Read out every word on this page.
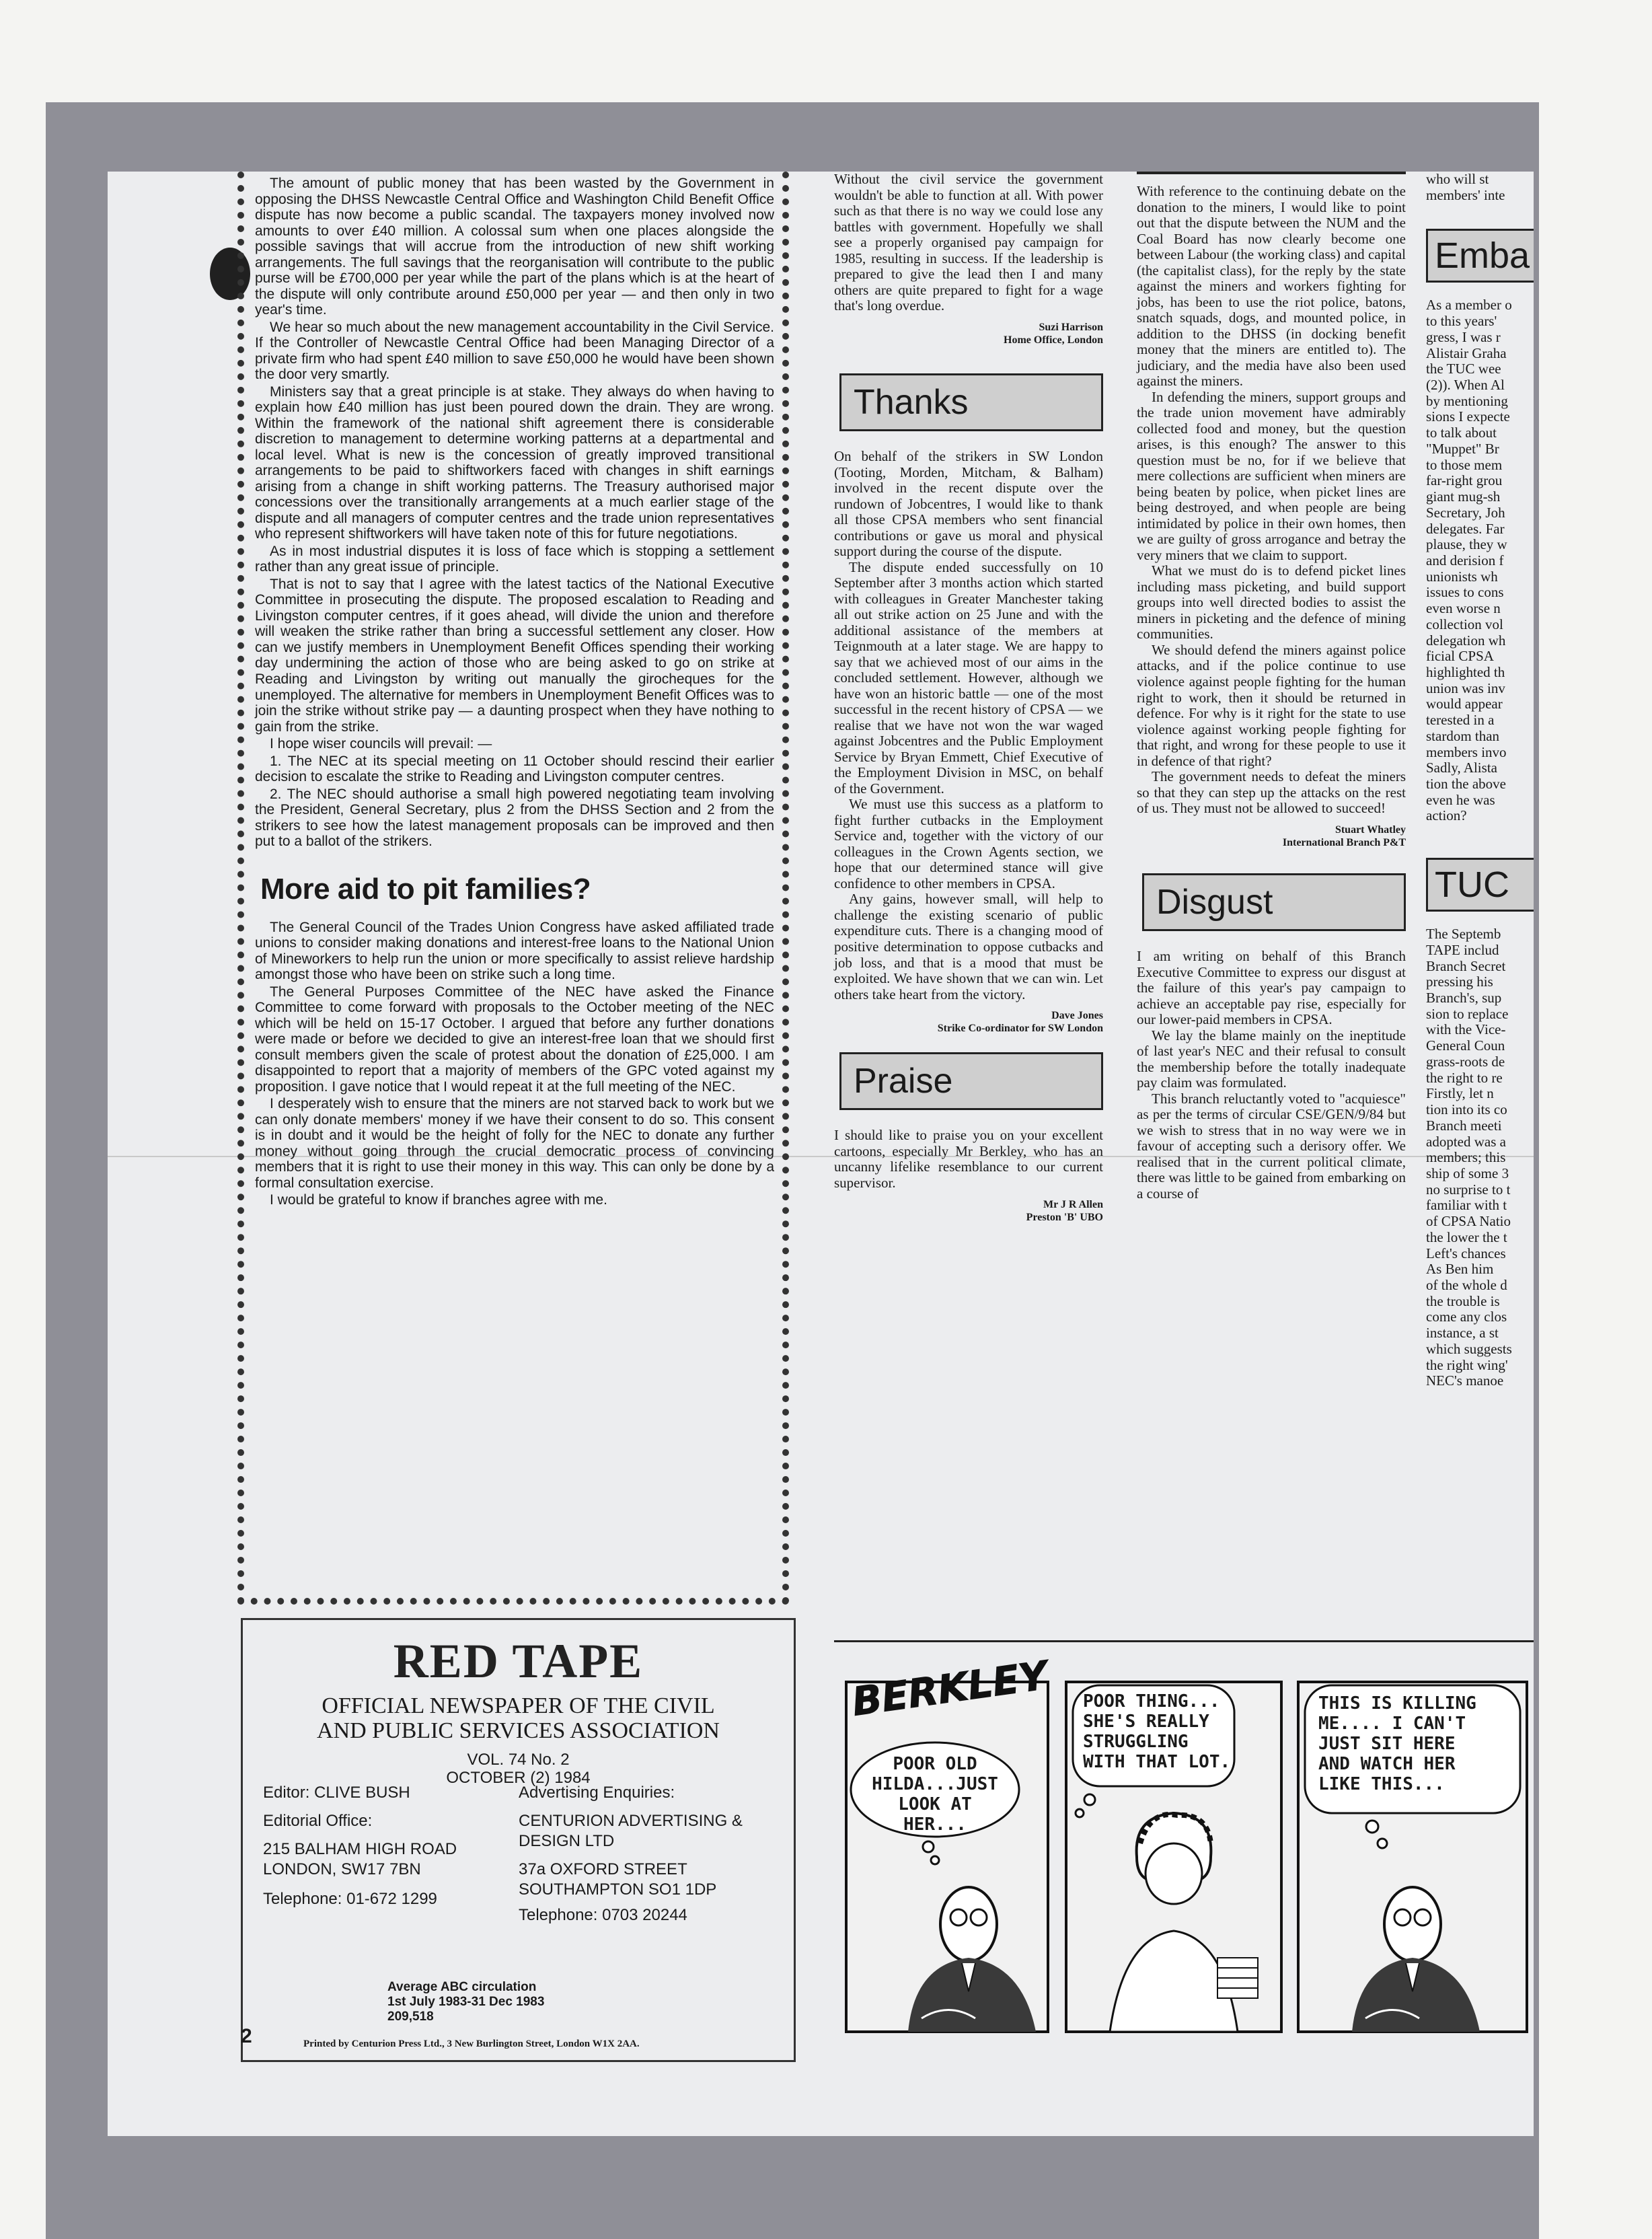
The amount of public money that has been wasted by the Government in opposing the DHSS Newcastle Central Office and Washington Child Benefit Office dispute has now become a public scandal. The taxpayers money involved now amounts to over £40 million. A colossal sum when one places alongside the possible savings that will accrue from the introduction of new shift working arrangements. The full savings that the reorganisation will contribute to the public purse will be £700,000 per year while the part of the plans which is at the heart of the dispute will only contribute around £50,000 per year — and then only in two year's time.

We hear so much about the new management accountability in the Civil Service. If the Controller of Newcastle Central Office had been Managing Director of a private firm who had spent £40 million to save £50,000 he would have been shown the door very smartly.

Ministers say that a great principle is at stake. They always do when having to explain how £40 million has just been poured down the drain. They are wrong. Within the framework of the national shift agreement there is considerable discretion to management to determine working patterns at a departmental and local level. What is new is the concession of greatly improved transitional arrangements to be paid to shiftworkers faced with changes in shift earnings arising from a change in shift working patterns. The Treasury authorised major concessions over the transitionally arrangements at a much earlier stage of the dispute and all managers of computer centres and the trade union representatives who represent shiftworkers will have taken note of this for future negotiations.

As in most industrial disputes it is loss of face which is stopping a settlement rather than any great issue of principle.

That is not to say that I agree with the latest tactics of the National Executive Committee in prosecuting the dispute. The proposed escalation to Reading and Livingston computer centres, if it goes ahead, will divide the union and therefore will weaken the strike rather than bring a successful settlement any closer. How can we justify members in Unemployment Benefit Offices spending their working day undermining the action of those who are being asked to go on strike at Reading and Livingston by writing out manually the girocheques for the unemployed. The alternative for members in Unemployment Benefit Offices was to join the strike without strike pay — a daunting prospect when they have nothing to gain from the strike.

I hope wiser councils will prevail: —

1. The NEC at its special meeting on 11 October should rescind their earlier decision to escalate the strike to Reading and Livingston computer centres.

2. The NEC should authorise a small high powered negotiating team involving the President, General Secretary, plus 2 from the DHSS Section and 2 from the strikers to see how the latest management proposals can be improved and then put to a ballot of the strikers.

More aid to pit families?

The General Council of the Trades Union Congress have asked affiliated trade unions to consider making donations and interest-free loans to the National Union of Mineworkers to help run the union or more specifically to assist relieve hardship amongst those who have been on strike such a long time.

The General Purposes Committee of the NEC have asked the Finance Committee to come forward with proposals to the October meeting of the NEC which will be held on 15-17 October. I argued that before any further donations were made or before we decided to give an interest-free loan that we should first consult members given the scale of protest about the donation of £25,000. I am disappointed to report that a majority of members of the GPC voted against my proposition. I gave notice that I would repeat it at the full meeting of the NEC.

I desperately wish to ensure that the miners are not starved back to work but we can only donate members' money if we have their consent to do so. This consent is in doubt and it would be the height of folly for the NEC to donate any further money without going through the crucial democratic process of convincing members that it is right to use their money in this way. This can only be done by a formal consultation exercise.

I would be grateful to know if branches agree with me.

Without the civil service the government wouldn't be able to function at all. With power such as that there is no way we could lose any battles with government. Hopefully we shall see a properly organised pay campaign for 1985, resulting in success. If the leadership is prepared to give the lead then I and many others are quite prepared to fight for a wage that's long overdue.

Suzi Harrison
Home Office, London
Thanks

On behalf of the strikers in SW London (Tooting, Morden, Mitcham, & Balham) involved in the recent dispute over the rundown of Jobcentres, I would like to thank all those CPSA members who sent financial contributions or gave us moral and physical support during the course of the dispute.

The dispute ended successfully on 10 September after 3 months action which started with colleagues in Greater Manchester taking all out strike action on 25 June and with the additional assistance of the members at Teignmouth at a later stage. We are happy to say that we achieved most of our aims in the concluded settlement. However, although we have won an historic battle — one of the most successful in the recent history of CPSA — we realise that we have not won the war waged against Jobcentres and the Public Employment Service by Bryan Emmett, Chief Executive of the Employment Division in MSC, on behalf of the Government.

We must use this success as a platform to fight further cutbacks in the Employment Service and, together with the victory of our colleagues in the Crown Agents section, we hope that our determined stance will give confidence to other members in CPSA.

Any gains, however small, will help to challenge the existing scenario of public expenditure cuts. There is a changing mood of positive determination to oppose cutbacks and job loss, and that is a mood that must be exploited. We have shown that we can win. Let others take heart from the victory.

Dave Jones
Strike Co-ordinator for SW London
Praise

I should like to praise you on your excellent cartoons, especially Mr Berkley, who has an uncanny lifelike resemblance to our current supervisor.

Mr J R Allen
Preston 'B' UBO

With reference to the continuing debate on the donation to the miners, I would like to point out that the dispute between the NUM and the Coal Board has now clearly become one between Labour (the working class) and capital (the capitalist class), for the reply by the state against the miners and workers fighting for jobs, has been to use the riot police, batons, snatch squads, dogs, and mounted police, in addition to the DHSS (in docking benefit money that the miners are entitled to). The judiciary, and the media have also been used against the miners.

In defending the miners, support groups and the trade union movement have admirably collected food and money, but the question arises, is this enough? The answer to this question must be no, for if we believe that mere collections are sufficient when miners are being beaten by police, when picket lines are being destroyed, and when people are being intimidated by police in their own homes, then we are guilty of gross arrogance and betray the very miners that we claim to support.

What we must do is to defend picket lines including mass picketing, and build support groups into well directed bodies to assist the miners in picketing and the defence of mining communities.

We should defend the miners against police attacks, and if the police continue to use violence against people fighting for the human right to work, then it should be returned in defence. For why is it right for the state to use violence against working people fighting for that right, and wrong for these people to use it in defence of that right?

The government needs to defeat the miners so that they can step up the attacks on the rest of us. They must not be allowed to succeed!

Stuart Whatley
International Branch P&T
Disgust

I am writing on behalf of this Branch Executive Committee to express our disgust at the failure of this year's pay campaign to achieve an acceptable pay rise, especially for our lower-paid members in CPSA.

We lay the blame mainly on the ineptitude of last year's NEC and their refusal to consult the membership before the totally inadequate pay claim was formulated.

This branch reluctantly voted to "acquiesce" as per the terms of circular CSE/GEN/9/84 but we wish to stress that in no way were we in favour of accepting such a derisory offer. We realised that in the current political climate, there was little to be gained from embarking on a course of

who will st

members' inte

Emba

As a member o

to this years'

gress, I was r

Alistair Graha

the TUC wee

(2)). When Al

by mentioning

sions I expecte

to talk about

"Muppet" Br

to those mem

far-right grou

giant mug-sh

Secretary, Joh

delegates. Far

plause, they w

and derision f

unionists wh

issues to cons

even worse n

collection vol

delegation wh

ficial CPSA

highlighted th

union was inv

would appear

terested in a

stardom than

members invo

Sadly, Alista

tion the above

even he was

action?

TUC

The Septemb

TAPE includ

Branch Secret

pressing his

Branch's, sup

sion to replace

with the Vice-

General Coun

grass-roots de

the right to re

Firstly, let n

tion into its co

Branch meeti

adopted was a

members; this

ship of some 3

no surprise to t

familiar with t

of CPSA Natio

the lower the t

Left's chances

As Ben him

of the whole d

the trouble is

come any clos

instance, a st

which suggests

the right wing'

NEC's manoe

RED TAPE
OFFICIAL NEWSPAPER OF THE CIVIL
AND PUBLIC SERVICES ASSOCIATION
VOL. 74 No. 2
OCTOBER (2) 1984
Editor: CLIVE BUSH
Editorial Office:
215 BALHAM HIGH ROAD
LONDON, SW17 7BN
Telephone: 01-672 1299
Advertising Enquiries:
CENTURION ADVERTISING &
DESIGN LTD
37a OXFORD STREET
SOUTHAMPTON SO1 1DP
Telephone: 0703 20244
Average ABC circulation
1st July 1983-31 Dec 1983
209,518
Printed by Centurion Press Ltd., 3 New Burlington Street, London W1X 2AA.
2
BERKLEY
POOR OLD
HILDA...JUST
LOOK AT HER...
POOR THING...
SHE'S REALLY
STRUGGLING
WITH THAT LOT.
THIS IS KILLING
ME.... I CAN'T
JUST SIT HERE
AND WATCH HER
LIKE THIS...
